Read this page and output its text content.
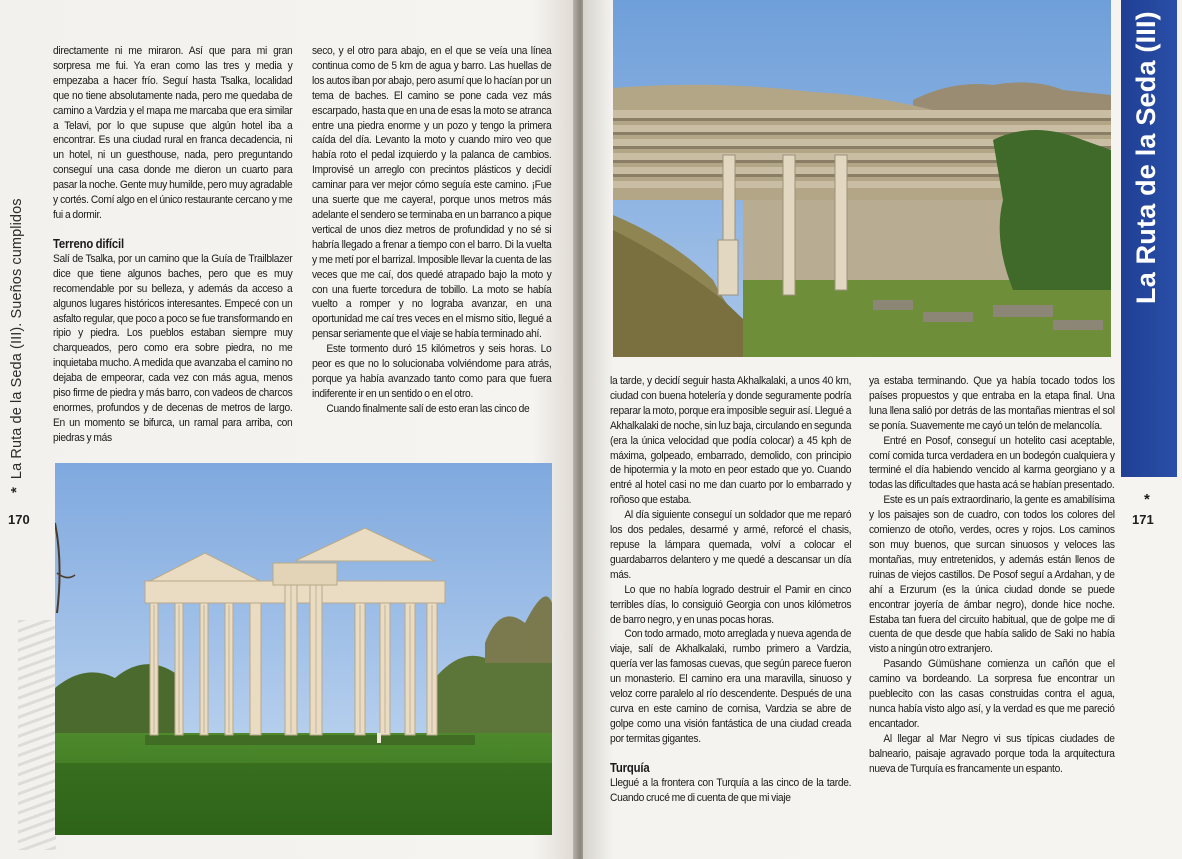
*La Ruta de la Seda (III). Sueños cumplidos
170

directamente ni me miraron. Así que para mi gran sorpresa me fui. Ya eran como las tres y media y empezaba a hacer frío. Seguí hasta Tsalka, localidad que no tiene absolutamente nada, pero me quedaba de camino a Vardzia y el mapa me marcaba que era similar a Telavi, por lo que supuse que algún hotel iba a encontrar. Es una ciudad rural en franca decadencia, ni un hotel, ni un guesthouse, nada, pero preguntando conseguí una casa donde me dieron un cuarto para pasar la noche. Gente muy humilde, pero muy agradable y cortés. Comí algo en el único restaurante cercano y me fui a dormir.

Terreno difícil

Salí de Tsalka, por un camino que la Guía de Trailblazer dice que tiene algunos baches, pero que es muy recomendable por su belleza, y además da acceso a algunos lugares históricos interesantes. Empecé con un asfalto regular, que poco a poco se fue transformando en ripio y piedra. Los pueblos estaban siempre muy charqueados, pero como era sobre piedra, no me inquietaba mucho. A medida que avanzaba el camino no dejaba de empeorar, cada vez con más agua, menos piso firme de piedra y más barro, con vadeos de charcos enormes, profundos y de decenas de metros de largo. En un momento se bifurca, un ramal para arriba, con piedras y más

seco, y el otro para abajo, en el que se veía una línea continua como de 5 km de agua y barro. Las huellas de los autos iban por abajo, pero asumí que lo hacían por un tema de baches. El camino se pone cada vez más escarpado, hasta que en una de esas la moto se atranca entre una piedra enorme y un pozo y tengo la primera caída del día. Levanto la moto y cuando miro veo que había roto el pedal izquierdo y la palanca de cambios. Improvisé un arreglo con precintos plásticos y decidí caminar para ver mejor cómo seguía este camino. ¡Fue una suerte que me cayera!, porque unos metros más adelante el sendero se terminaba en un barranco a pique vertical de unos diez metros de profundidad y no sé si habría llegado a frenar a tiempo con el barro. Di la vuelta y me metí por el barrizal. Imposible llevar la cuenta de las veces que me caí, dos quedé atrapado bajo la moto y con una fuerte torcedura de tobillo. La moto se había vuelto a romper y no lograba avanzar, en una oportunidad me caí tres veces en el mismo sitio, llegué a pensar seriamente que el viaje se había terminado ahí.

Este tormento duró 15 kilómetros y seis horas. Lo peor es que no lo solucionaba volviéndome para atrás, porque ya había avanzado tanto como para que fuera indiferente ir en un sentido o en el otro.

Cuando finalmente salí de esto eran las cinco de

la tarde, y decidí seguir hasta Akhalkalaki, a unos 40 km, ciudad con buena hotelería y donde seguramente podría reparar la moto, porque era imposible seguir así. Llegué a Akhalkalaki de noche, sin luz baja, circulando en segunda (era la única velocidad que podía colocar) a 45 kph de máxima, golpeado, embarrado, demolido, con principio de hipotermia y la moto en peor estado que yo. Cuando entré al hotel casi no me dan cuarto por lo embarrado y roñoso que estaba.

Al día siguiente conseguí un soldador que me reparó los dos pedales, desarmé y armé, reforcé el chasis, repuse la lámpara quemada, volví a colocar el guardabarros delantero y me quedé a descansar un día más.

Lo que no había logrado destruir el Pamir en cinco terribles días, lo consiguió Georgia con unos kilómetros de barro negro, y en unas pocas horas.

Con todo armado, moto arreglada y nueva agenda de viaje, salí de Akhalkalaki, rumbo primero a Vardzia, quería ver las famosas cuevas, que según parece fueron un monasterio. El camino era una maravilla, sinuoso y veloz corre paralelo al río descendente. Después de una curva en este camino de cornisa, Vardzia se abre de golpe como una visión fantástica de una ciudad creada por termitas gigantes.

Turquía

Llegué a la frontera con Turquía a las cinco de la tarde. Cuando crucé me di cuenta de que mi viaje

ya estaba terminando. Que ya había tocado todos los países propuestos y que entraba en la etapa final. Una luna llena salió por detrás de las montañas mientras el sol se ponía. Suavemente me cayó un telón de melancolía.

Entré en Posof, conseguí un hotelito casi aceptable, comí comida turca verdadera en un bodegón cualquiera y terminé el día habiendo vencido al karma georgiano y a todas las dificultades que hasta acá se habían presentado.

Este es un país extraordinario, la gente es amabilísima y los paisajes son de cuadro, con todos los colores del comienzo de otoño, verdes, ocres y rojos. Los caminos son muy buenos, que surcan sinuosos y veloces las montañas, muy entretenidos, y además están llenos de ruinas de viejos castillos. De Posof seguí a Ardahan, y de ahí a Erzurum (es la única ciudad donde se puede encontrar joyería de ámbar negro), donde hice noche. Estaba tan fuera del circuito habitual, que de golpe me di cuenta de que desde que había salido de Saki no había visto a ningún otro extranjero.

Pasando Gümüshane comienza un cañón que el camino va bordeando. La sorpresa fue encontrar un pueblecito con las casas construidas contra el agua, nunca había visto algo así, y la verdad es que me pareció encantador.

Al llegar al Mar Negro vi sus típicas ciudades de balneario, paisaje agravado porque toda la arquitectura nueva de Turquía es francamente un espanto.

La Ruta de la Seda (III)
*
171
